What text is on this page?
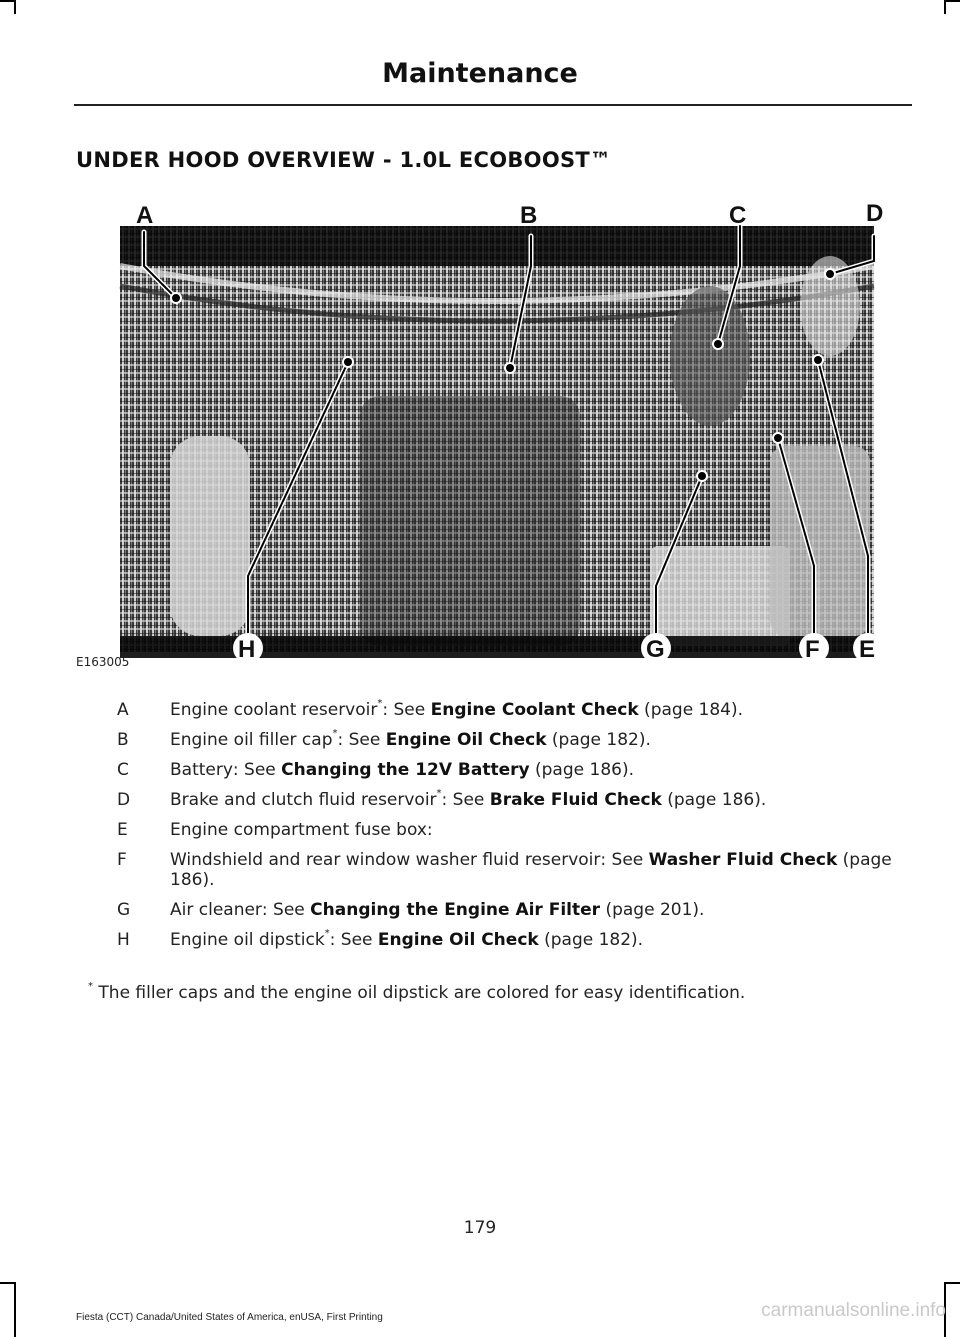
Maintenance
UNDER HOOD OVERVIEW - 1.0L ECOBOOST™
A	B	C	D
E
F
G
H
E163005
A Engine coolant reservoir*: See Engine Coolant Check (page 184).
B Engine oil filler cap*: See Engine Oil Check (page 182).
C Battery: See Changing the 12V Battery (page 186).
D Brake and clutch fluid reservoir*: See Brake Fluid Check (page 186).
E Engine compartment fuse box:
F	Windshield and rear window washer fluid reservoir: See Washer Fluid Check (page 186).
G Air cleaner: See Changing the Engine Air Filter (page 201).
H Engine oil dipstick*: See Engine Oil Check (page 182).
* The filler caps and the engine oil dipstick are colored for easy identification.
179
Fiesta (CCT) Canada/United States of America, enUSA, First Printing	carmanualsonline.info
